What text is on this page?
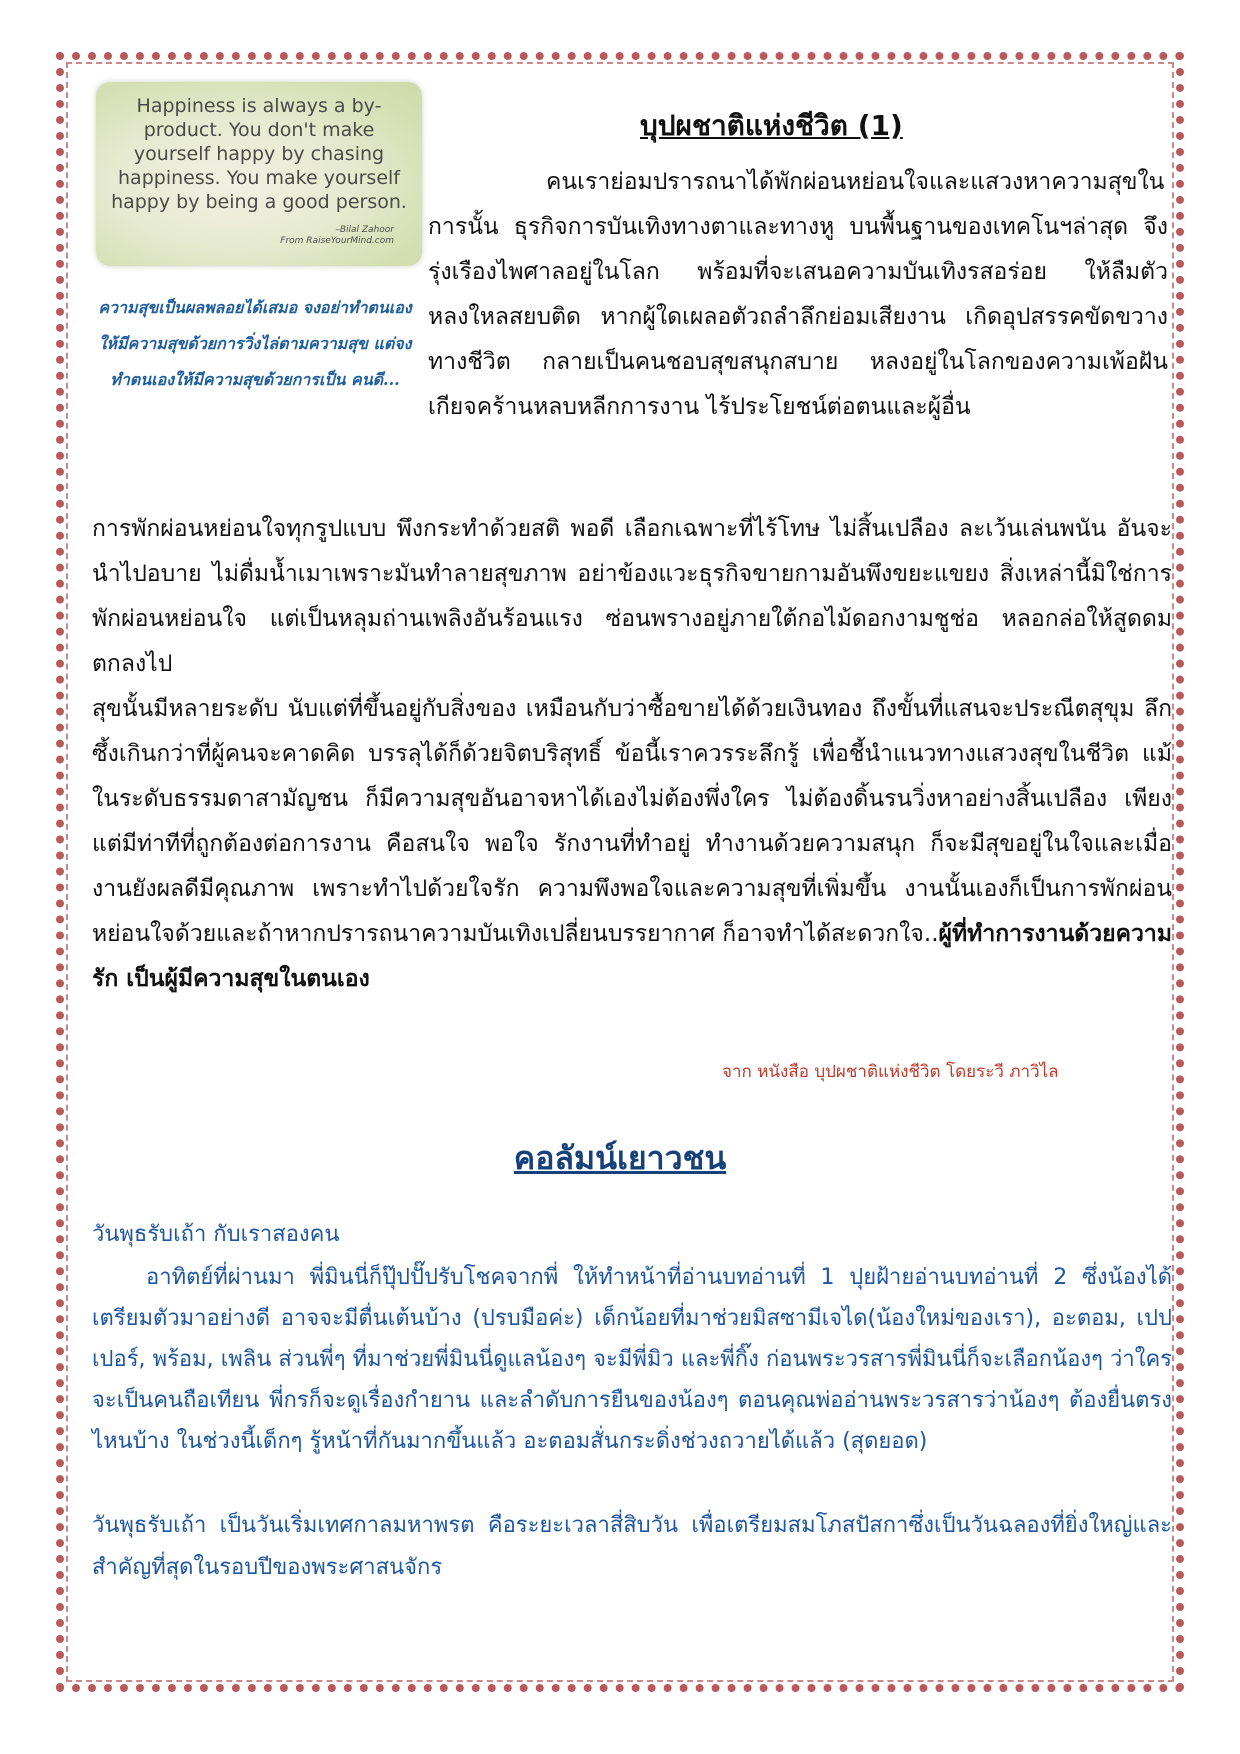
Happiness is always a by-product. You don't make yourself happy by chasing happiness. You make yourself happy by being a good person.
–Bilal Zahoor
From RaiseYourMind.com
ความสุขเป็นผลพลอยได้เสมอ จงอย่าทำตนเองให้มีความสุขด้วยการวิ่งไล่ตามความสุข แต่จงทำตนเองให้มีความสุขด้วยการเป็น คนดี...
บุปผชาติแห่งชีวิต (1)
คนเราย่อมปรารถนาได้พักผ่อนหย่อนใจและแสวงหาความสุขในการนั้น ธุรกิจการบันเทิงทางตาและทางหู บนพื้นฐานของเทคโนฯล่าสุด จึงรุ่งเรืองไพศาลอยู่ในโลก พร้อมที่จะเสนอความบันเทิงรสอร่อย ให้ลืมตัวหลงใหลสยบติด หากผู้ใดเผลอตัวถลำลึกย่อมเสียงาน เกิดอุปสรรคขัดขวางทางชีวิต กลายเป็นคนชอบสุขสนุกสบาย หลงอยู่ในโลกของความเพ้อฝัน เกียจคร้านหลบหลีกการงาน ไร้ประโยชน์ต่อตนและผู้อื่น
การพักผ่อนหย่อนใจทุกรูปแบบ พึงกระทำด้วยสติ พอดี เลือกเฉพาะที่ไร้โทษ ไม่สิ้นเปลือง ละเว้นเล่นพนัน อันจะนำไปอบาย ไม่ดื่มน้ำเมาเพราะมันทำลายสุขภาพ อย่าข้องแวะธุรกิจขายกามอันพึงขยะแขยง สิ่งเหล่านี้มิใช่การพักผ่อนหย่อนใจ แต่เป็นหลุมถ่านเพลิงอันร้อนแรง ซ่อนพรางอยู่ภายใต้กอไม้ดอกงามชูช่อ หลอกล่อให้สูดดมตกลงไป
สุขนั้นมีหลายระดับ นับแต่ที่ขึ้นอยู่กับสิ่งของ เหมือนกับว่าซื้อขายได้ด้วยเงินทอง ถึงขั้นที่แสนจะประณีตสุขุม ลึกซึ้งเกินกว่าที่ผู้คนจะคาดคิด บรรลุได้ก็ด้วยจิตบริสุทธิ์ ข้อนี้เราควรระลึกรู้ เพื่อชี้นำแนวทางแสวงสุขในชีวิต แม้ในระดับธรรมดาสามัญชน ก็มีความสุขอันอาจหาได้เองไม่ต้องพึ่งใคร ไม่ต้องดิ้นรนวิ่งหาอย่างสิ้นเปลือง เพียงแต่มีท่าทีที่ถูกต้องต่อการงาน คือสนใจ พอใจ รักงานที่ทำอยู่ ทำงานด้วยความสนุก ก็จะมีสุขอยู่ในใจและเมื่องานยังผลดีมีคุณภาพ เพราะทำไปด้วยใจรัก ความพึงพอใจและความสุขที่เพิ่มขึ้น งานนั้นเองก็เป็นการพักผ่อนหย่อนใจด้วยและถ้าหากปรารถนาความบันเทิงเปลี่ยนบรรยากาศ ก็อาจทำได้สะดวกใจ..ผู้ที่ทำการงานด้วยความรัก เป็นผู้มีความสุขในตนเอง
จาก หนังสือ บุปผชาติแห่งชีวิต โดยระวี ภาวิไล
คอลัมน์เยาวชน
วันพุธรับเถ้า กับเราสองคน
อาทิตย์ที่ผ่านมา พี่มินนี่ก็ปุ๊ปปั๊ปรับโชคจากพี่ ให้ทำหน้าที่อ่านบทอ่านที่ 1 ปุยฝ้ายอ่านบทอ่านที่ 2 ซึ่งน้องได้เตรียมตัวมาอย่างดี อาจจะมีตื่นเต้นบ้าง (ปรบมือค่ะ) เด็กน้อยที่มาช่วยมิสซามีเจได(น้องใหม่ของเรา), อะตอม, เปปเปอร์, พร้อม, เพลิน ส่วนพี่ๆ ที่มาช่วยพี่มินนี่ดูแลน้องๆ จะมีพี่มิว และพี่กิ๊ง ก่อนพระวรสารพี่มินนี่ก็จะเลือกน้องๆ ว่าใครจะเป็นคนถือเทียน พี่กรก็จะดูเรื่องกำยาน และลำดับการยืนของน้องๆ ตอนคุณพ่ออ่านพระวรสารว่าน้องๆ ต้องยื่นตรงไหนบ้าง ในช่วงนี้เด็กๆ รู้หน้าที่กันมากขึ้นแล้ว อะตอมสั่นกระดิ่งช่วงถวายได้แล้ว (สุดยอด)
วันพุธรับเถ้า เป็นวันเริ่มเทศกาลมหาพรต คือระยะเวลาสี่สิบวัน เพื่อเตรียมสมโภสปัสกาซึ่งเป็นวันฉลองที่ยิ่งใหญ่และสำคัญที่สุดในรอบปีของพระศาสนจักร
